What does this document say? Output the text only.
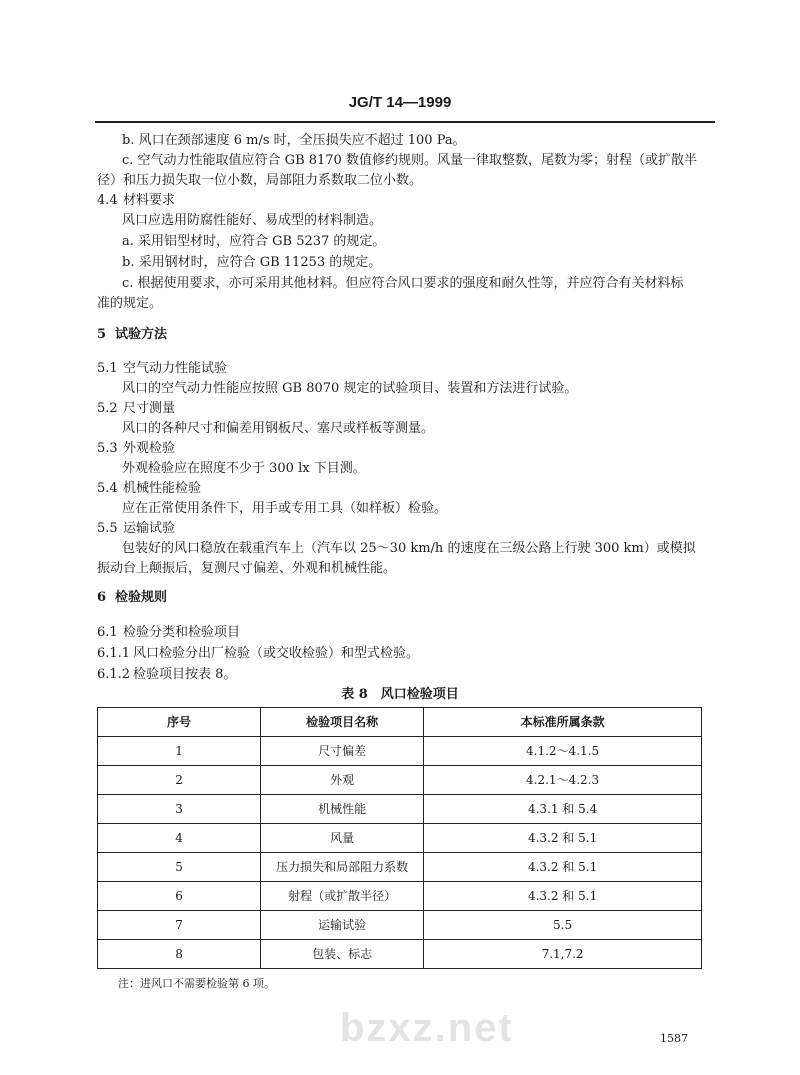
JG/T 14—1999
b. 风口在颈部速度 6 m/s 时，全压损失应不超过 100 Pa。
c. 空气动力性能取值应符合 GB 8170 数值修约规则。风量一律取整数，尾数为零；射程（或扩散半
径）和压力损失取一位小数，局部阻力系数取二位小数。
4.4 材料要求
风口应选用防腐性能好、易成型的材料制造。
a. 采用铝型材时，应符合 GB 5237 的规定。
b. 采用钢材时，应符合 GB 11253 的规定。
c. 根据使用要求，亦可采用其他材料。但应符合风口要求的强度和耐久性等，并应符合有关材料标
准的规定。
5 试验方法
5.1 空气动力性能试验
风口的空气动力性能应按照 GB 8070 规定的试验项目、装置和方法进行试验。
5.2 尺寸测量
风口的各种尺寸和偏差用钢板尺、塞尺或样板等测量。
5.3 外观检验
外观检验应在照度不少于 300 lx 下目测。
5.4 机械性能检验
应在正常使用条件下，用手或专用工具（如样板）检验。
5.5 运输试验
包装好的风口稳放在载重汽车上（汽车以 25～30 km/h 的速度在三级公路上行驶 300 km）或模拟
振动台上颠振后，复测尺寸偏差、外观和机械性能。
6 检验规则
6.1 检验分类和检验项目
6.1.1 风口检验分出厂检验（或交收检验）和型式检验。
6.1.2 检验项目按表 8。
表 8　风口检验项目
序号	检验项目名称	本标准所属条款
1	尺寸偏差	4.1.2～4.1.5
2	外观	4.2.1～4.2.3
3	机械性能	4.3.1 和 5.4
4	风量	4.3.2 和 5.1
5	压力损失和局部阻力系数	4.3.2 和 5.1
6	射程（或扩散半径）	4.3.2 和 5.1
7	运输试验	5.5
8	包装、标志	7.1,7.2
注：进风口不需要检验第 6 项。
bzxz.net	1587
